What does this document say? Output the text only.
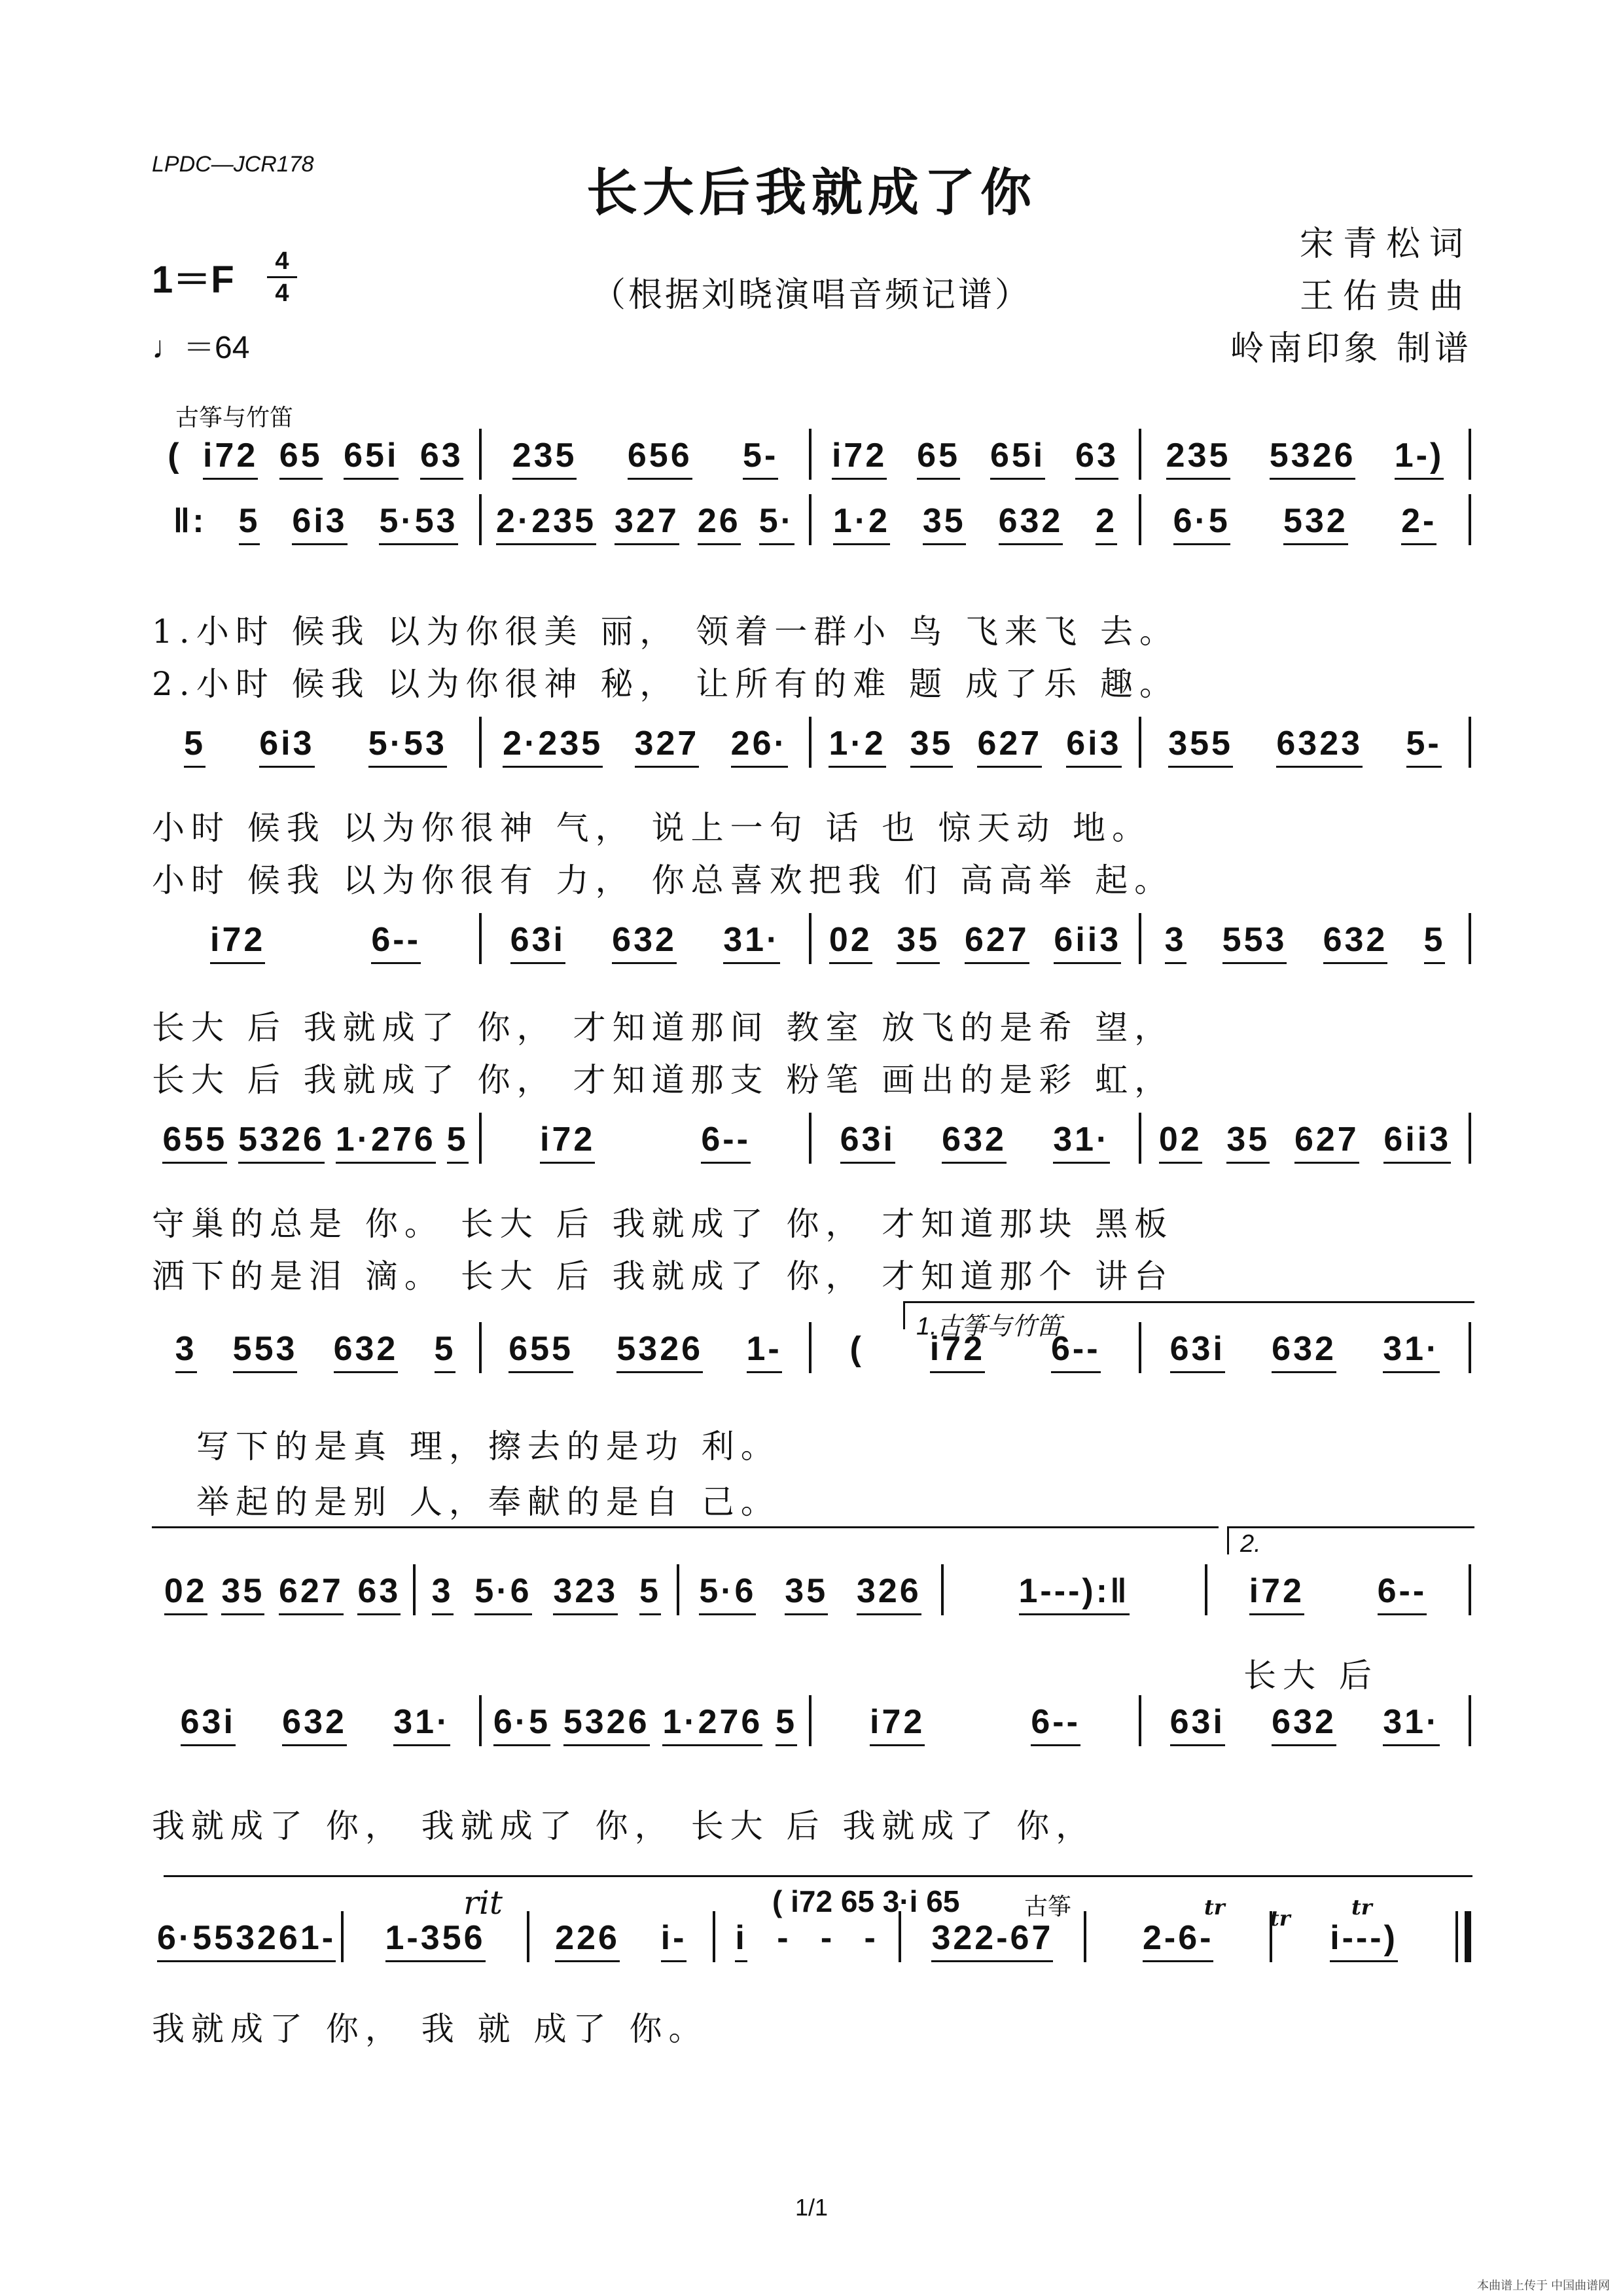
LPDC—JCR178	长大后我就成了你
（根据刘晓演唱音频记谱）
宋青松词
王佑贵曲
岭南印象 制谱
1＝F	4
4
♩＝64
古筝与竹笛
( i72 65 65i 63 235 656 5- i72 65 65i 63 235 5326 1-)
‖: 5 6i3 5·53 2·235 327 26 5· 1·2 35 632 2 6·5 532 2-
5 6i3 5·53 2·235 327 26· 1·2 35 627 6i3 355 6323 5-
i72	6--	63i 632 31· 02 35 627 6ii3 3 553 632 5
655 5326 1·276 5 i72	6--	63i 632 31· 02 35 627 6ii3
3 553 632 5 655 5326 1- ( i72 6-- 63i 632 31·
02 35 627 63 3 5·6 323 5 5·6 35 326	1---):‖	i72 6--
63i 632 31· 6·5 5326 1·276 5 i72	6--	63i 632 31·
6·5 5326 1- 1-356 226 i- i - - - 322-67	2-6-	i---)
1.小时 候我 以为你很美 丽， 领着一群小 鸟 飞来飞 去。
2.小时 候我 以为你很神 秘， 让所有的难 题 成了乐 趣。
小时 候我 以为你很神 气， 说上一句 话 也 惊天动 地。
小时 候我 以为你很有 力， 你总喜欢把我 们 高高举 起。
长大 后 我就成了 你， 才知道那间 教室 放飞的是希 望，
长大 后 我就成了 你， 才知道那支 粉笔 画出的是彩 虹，
守巢的总是 你。 长大 后 我就成了 你， 才知道那块 黑板
洒下的是泪 滴。 长大 后 我就成了 你， 才知道那个 讲台
写下的是真 理，擦去的是功 利。
举起的是别 人，奉献的是自 己。
长大 后
我就成了 你， 我就成了 你， 长大 后 我就成了 你，
我就成了 你， 我 就 成了 你。
1.古筝与竹笛
2.
rit	( i72 65 3·i 65	古筝	tr tr	tr
1/1
本曲谱上传于 中国曲谱网
